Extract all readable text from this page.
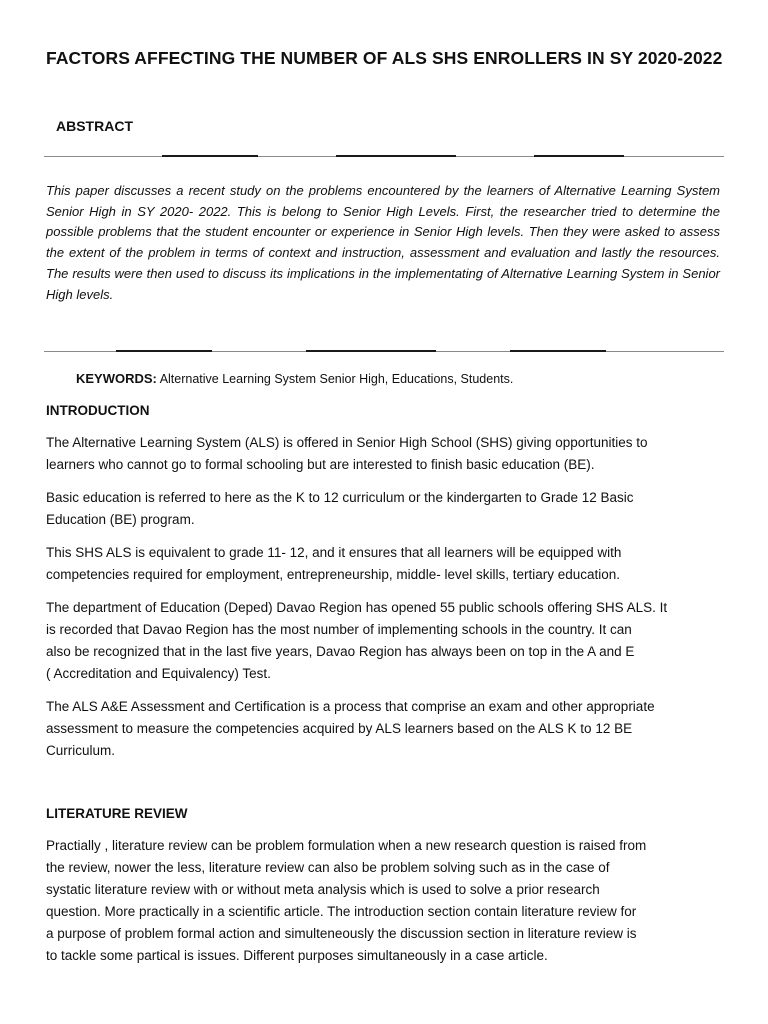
FACTORS AFFECTING THE NUMBER OF ALS SHS ENROLLERS IN SY 2020-2022
ABSTRACT

This paper discusses a recent study on the problems encountered by the learners of Alternative Learning System

Senior High in SY 2020- 2022. This is belong to Senior High Levels. First, the researcher tried to determine the possible problems that the student encounter or experience in Senior High levels. Then they were asked to assess the extent of the problem in terms of context and instruction, assessment and evaluation and lastly the resources. The results were then used to discuss its implications in the implementating of Alternative Learning System in Senior High levels.

KEYWORDS: Alternative Learning System Senior High, Educations, Students.

INTRODUCTION
The Alternative Learning System (ALS) is offered in Senior High School (SHS) giving opportunities to
learners who cannot go to formal schooling but are interested to finish basic education (BE).
Basic education is referred to here as the K to 12 curriculum or the kindergarten to Grade 12 Basic
Education (BE) program.
This SHS ALS is equivalent to grade 11- 12, and it ensures that all learners will be equipped with
competencies required for employment, entrepreneurship, middle- level skills, tertiary education.
The department of Education (Deped) Davao Region has opened 55 public schools offering SHS ALS. It
is recorded that Davao Region has the most number of implementing schools in the country. It can
also be recognized that in the last five years, Davao Region has always been on top in the A and E
( Accreditation and Equivalency) Test.
The ALS A&E Assessment and Certification is a process that comprise an exam and other appropriate
assessment to measure the competencies acquired by ALS learners based on the ALS K to 12 BE
Curriculum.
LITERATURE REVIEW
Practially , literature review can be problem formulation when a new research question is raised from
the review, nower the less, literature review can also be problem solving such as in the case of
systatic literature review with or without meta analysis which is used to solve a prior research
question. More practically in a scientific article. The introduction section contain literature review for
a purpose of problem formal action and simulteneously the discussion section in literature review is
to tackle some partical is issues. Different purposes simultaneously in a case article.
